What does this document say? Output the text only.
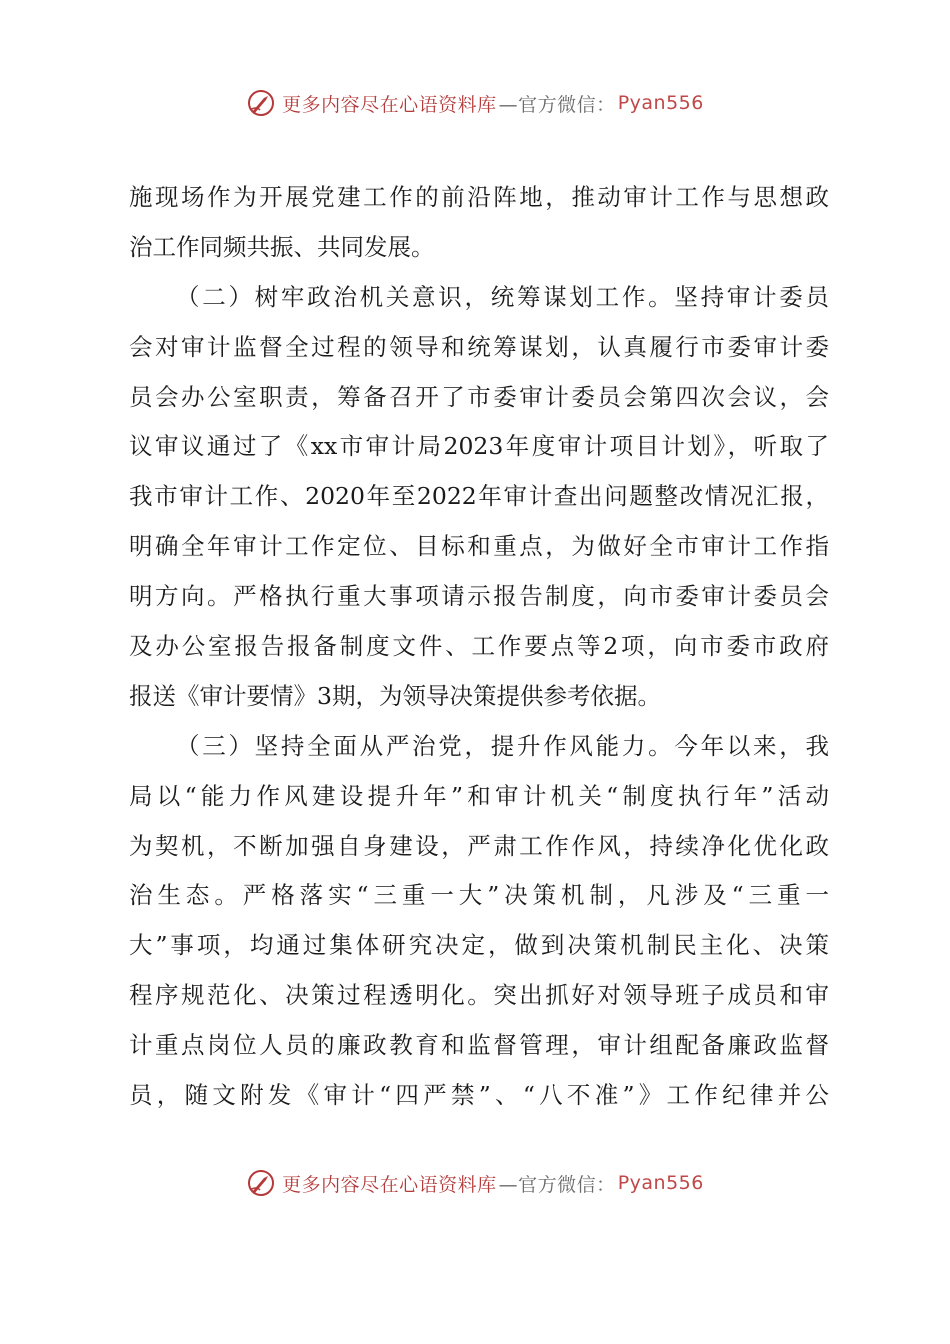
更多内容尽在心语资料库 —官方微信： Pyan556
施现场作为开展党建工作的前沿阵地，推动审计工作与思想政
治工作同频共振、共同发展。
（二）树牢政治机关意识，统筹谋划工作。坚持审计委员
会对审计监督全过程的领导和统筹谋划，认真履行市委审计委
员会办公室职责，筹备召开了市委审计委员会第四次会议，会
议审议通过了《xx市审计局2023年度审计项目计划》，听取了
我市审计工作、2020年至2022年审计查出问题整改情况汇报，
明确全年审计工作定位、目标和重点，为做好全市审计工作指
明方向。严格执行重大事项请示报告制度，向市委审计委员会
及办公室报告报备制度文件、工作要点等2项，向市委市政府
报送《审计要情》3期，为领导决策提供参考依据。
（三）坚持全面从严治党，提升作风能力。今年以来，我
局以“能力作风建设提升年”和审计机关“制度执行年”活动
为契机，不断加强自身建设，严肃工作作风，持续净化优化政
治生态。严格落实“三重一大”决策机制，凡涉及“三重一
大”事项，均通过集体研究决定，做到决策机制民主化、决策
程序规范化、决策过程透明化。突出抓好对领导班子成员和审
计重点岗位人员的廉政教育和监督管理，审计组配备廉政监督
员，随文附发《审计“四严禁”、“八不准”》工作纪律并公
更多内容尽在心语资料库 —官方微信： Pyan556
